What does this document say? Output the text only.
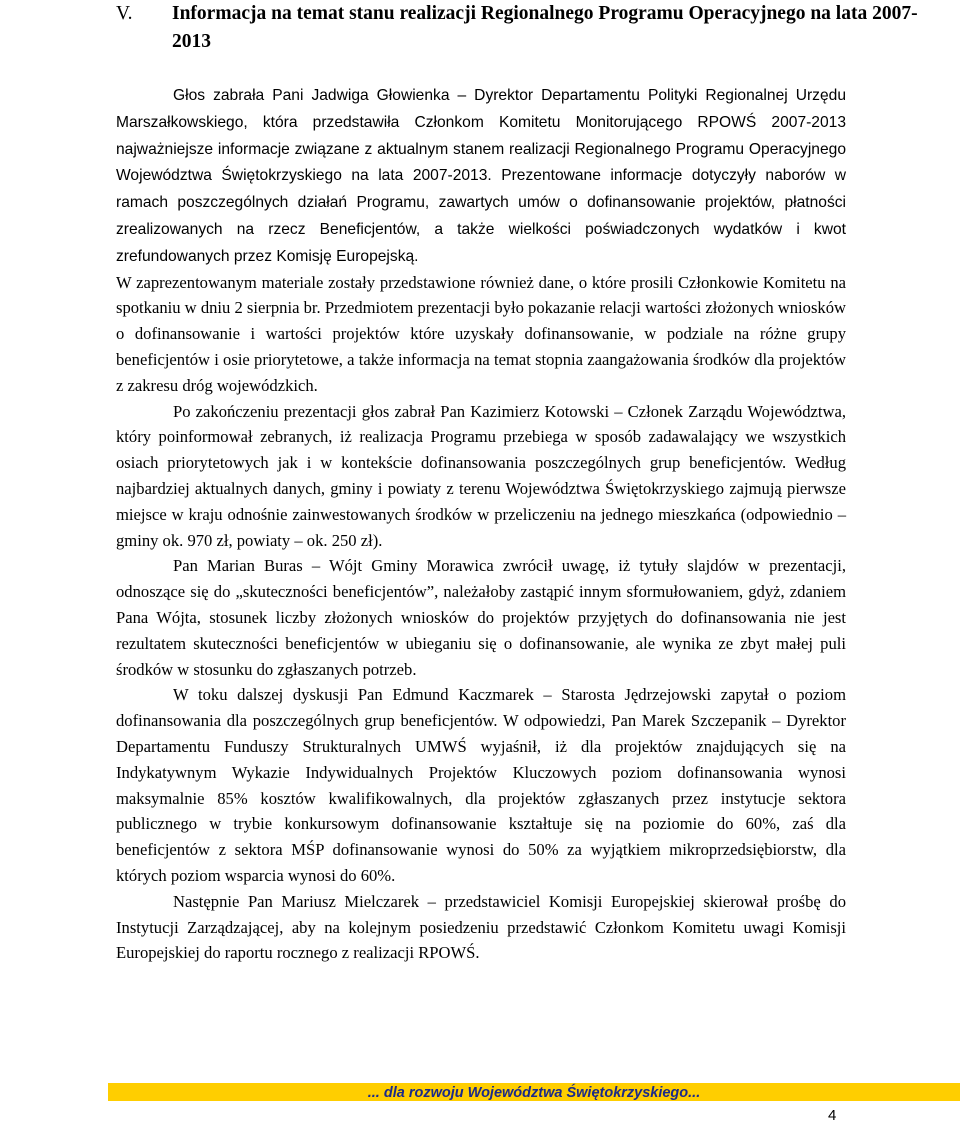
V.	Informacja na temat stanu realizacji Regionalnego Programu Operacyjnego na lata 2007-2013

Głos zabrała Pani Jadwiga Głowienka – Dyrektor Departamentu Polityki Regionalnej Urzędu Marszałkowskiego, która przedstawiła Członkom Komitetu Monitorującego RPOWŚ 2007-2013 najważniejsze informacje związane z aktualnym stanem realizacji Regionalnego Programu Operacyjnego Województwa Świętokrzyskiego na lata 2007-2013. Prezentowane informacje dotyczyły naborów w ramach poszczególnych działań Programu, zawartych umów o dofinansowanie projektów, płatności zrealizowanych na rzecz Beneficjentów, a także wielkości poświadczonych wydatków i kwot zrefundowanych przez Komisję Europejską.

W zaprezentowanym materiale zostały przedstawione również dane, o które prosili Członkowie Komitetu na spotkaniu w dniu 2 sierpnia br. Przedmiotem prezentacji było pokazanie relacji wartości złożonych wniosków o dofinansowanie i wartości projektów które uzyskały dofinansowanie, w podziale na różne grupy beneficjentów i osie priorytetowe, a także informacja na temat stopnia zaangażowania środków dla projektów z zakresu dróg wojewódzkich.

Po zakończeniu prezentacji głos zabrał Pan Kazimierz Kotowski – Członek Zarządu Województwa, który poinformował zebranych, iż realizacja Programu przebiega w sposób zadawalający we wszystkich osiach priorytetowych jak i w kontekście dofinansowania poszczególnych grup beneficjentów. Według najbardziej aktualnych danych, gminy i powiaty z terenu Województwa Świętokrzyskiego zajmują pierwsze miejsce w kraju odnośnie zainwestowanych środków w przeliczeniu na jednego mieszkańca (odpowiednio – gminy ok. 970 zł, powiaty – ok. 250 zł).

Pan Marian Buras – Wójt Gminy Morawica zwrócił uwagę, iż tytuły slajdów w prezentacji, odnoszące się do „skuteczności beneficjentów”, należałoby zastąpić innym sformułowaniem, gdyż, zdaniem Pana Wójta, stosunek liczby złożonych wniosków do projektów przyjętych do dofinansowania nie jest rezultatem skuteczności beneficjentów w ubieganiu się o dofinansowanie, ale wynika ze zbyt małej puli środków w stosunku do zgłaszanych potrzeb.

W toku dalszej dyskusji Pan Edmund Kaczmarek – Starosta Jędrzejowski zapytał o poziom dofinansowania dla poszczególnych grup beneficjentów. W odpowiedzi, Pan Marek Szczepanik – Dyrektor Departamentu Funduszy Strukturalnych UMWŚ wyjaśnił, iż dla projektów znajdujących się na Indykatywnym Wykazie Indywidualnych Projektów Kluczowych poziom dofinansowania wynosi maksymalnie 85% kosztów kwalifikowalnych, dla projektów zgłaszanych przez instytucje sektora publicznego w trybie konkursowym dofinansowanie kształtuje się na poziomie do 60%, zaś dla beneficjentów z sektora MŚP dofinansowanie wynosi do 50% za wyjątkiem mikroprzedsiębiorstw, dla których poziom wsparcia wynosi do 60%.

Następnie Pan Mariusz Mielczarek – przedstawiciel Komisji Europejskiej skierował prośbę do Instytucji Zarządzającej, aby na kolejnym posiedzeniu przedstawić Członkom Komitetu uwagi Komisji Europejskiej do raportu rocznego z realizacji RPOWŚ.

... dla rozwoju Województwa Świętokrzyskiego...
4
